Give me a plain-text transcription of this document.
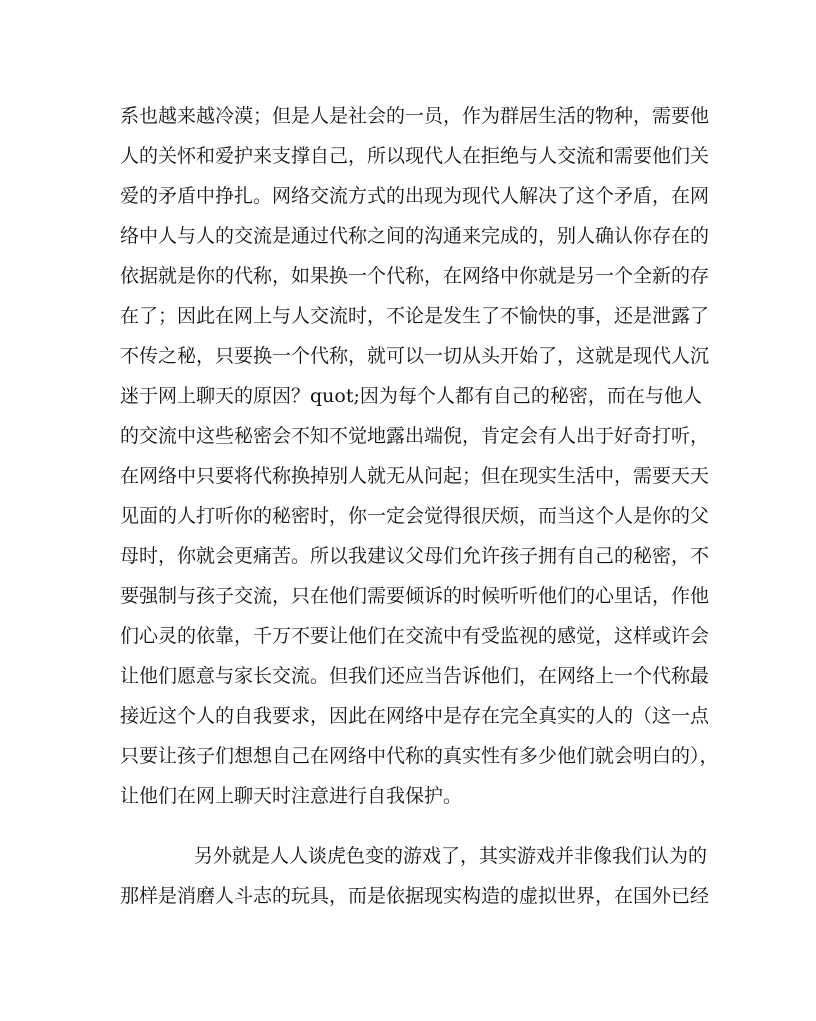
系也越来越冷漠；但是人是社会的一员，作为群居生活的物种，需要他
人的关怀和爱护来支撑自己，所以现代人在拒绝与人交流和需要他们关
爱的矛盾中挣扎。网络交流方式的出现为现代人解决了这个矛盾，在网
络中人与人的交流是通过代称之间的沟通来完成的，别人确认你存在的
依据就是你的代称，如果换一个代称，在网络中你就是另一个全新的存
在了；因此在网上与人交流时，不论是发生了不愉快的事，还是泄露了
不传之秘，只要换一个代称，就可以一切从头开始了，这就是现代人沉
迷于网上聊天的原因？quot;因为每个人都有自己的秘密，而在与他人
的交流中这些秘密会不知不觉地露出端倪，肯定会有人出于好奇打听，
在网络中只要将代称换掉别人就无从问起；但在现实生活中，需要天天
见面的人打听你的秘密时，你一定会觉得很厌烦，而当这个人是你的父
母时，你就会更痛苦。所以我建议父母们允许孩子拥有自己的秘密，不
要强制与孩子交流，只在他们需要倾诉的时候听听他们的心里话，作他
们心灵的依靠，千万不要让他们在交流中有受监视的感觉，这样或许会
让他们愿意与家长交流。但我们还应当告诉他们，在网络上一个代称最
接近这个人的自我要求，因此在网络中是存在完全真实的人的（这一点
只要让孩子们想想自己在网络中代称的真实性有多少他们就会明白的），
让他们在网上聊天时注意进行自我保护。
另外就是人人谈虎色变的游戏了，其实游戏并非像我们认为的
那样是消磨人斗志的玩具，而是依据现实构造的虚拟世界，在国外已经
